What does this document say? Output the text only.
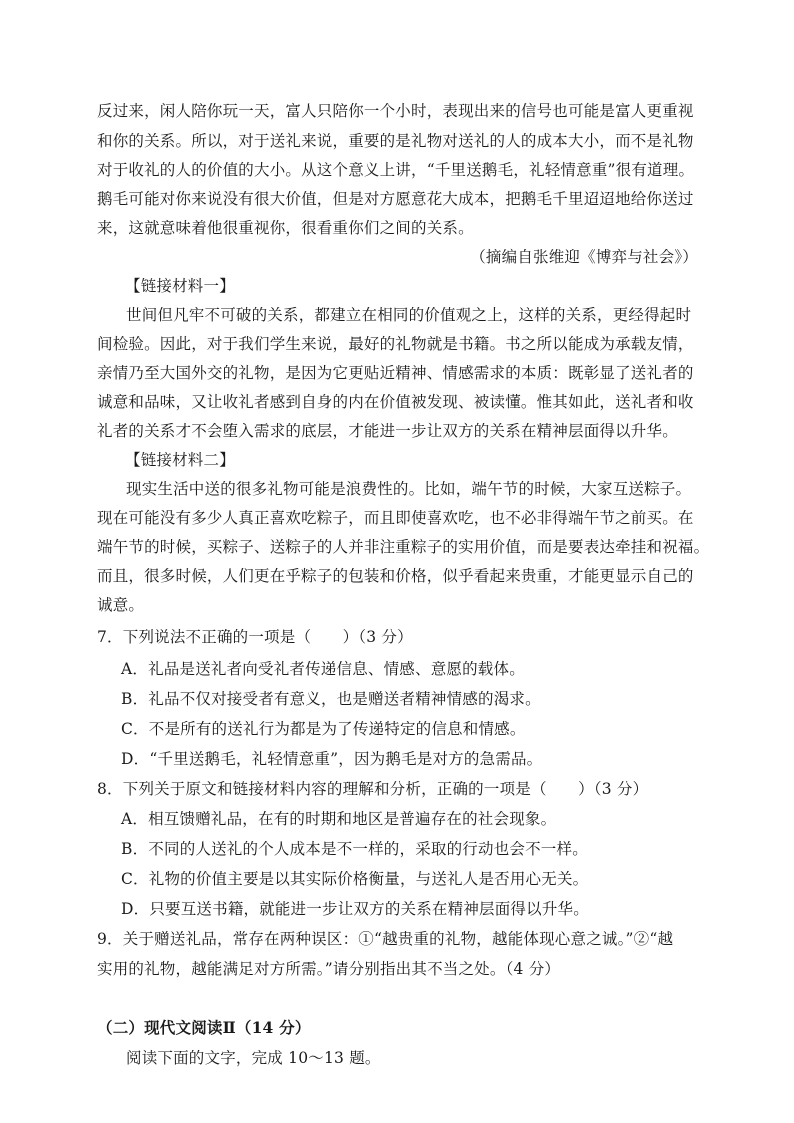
反过来，闲人陪你玩一天，富人只陪你一个小时，表现出来的信号也可能是富人更重视
和你的关系。所以，对于送礼来说，重要的是礼物对送礼的人的成本大小，而不是礼物
对于收礼的人的价值的大小。从这个意义上讲，“千里送鹅毛，礼轻情意重”很有道理。
鹅毛可能对你来说没有很大价值，但是对方愿意花大成本，把鹅毛千里迢迢地给你送过
来，这就意味着他很重视你，很看重你们之间的关系。
（摘编自张维迎《博弈与社会》）
【链接材料一】
世间但凡牢不可破的关系，都建立在相同的价值观之上，这样的关系，更经得起时
间检验。因此，对于我们学生来说，最好的礼物就是书籍。书之所以能成为承载友情，
亲情乃至大国外交的礼物，是因为它更贴近精神、情感需求的本质：既彰显了送礼者的
诚意和品味，又让收礼者感到自身的内在价值被发现、被读懂。惟其如此，送礼者和收
礼者的关系才不会堕入需求的底层，才能进一步让双方的关系在精神层面得以升华。
【链接材料二】
现实生活中送的很多礼物可能是浪费性的。比如，端午节的时候，大家互送粽子。
现在可能没有多少人真正喜欢吃粽子，而且即使喜欢吃，也不必非得端午节之前买。在
端午节的时候，买粽子、送粽子的人并非注重粽子的实用价值，而是要表达牵挂和祝福。
而且，很多时候，人们更在乎粽子的包装和价格，似乎看起来贵重，才能更显示自己的
诚意。
7．下列说法不正确的一项是（　　）（3 分）
A．礼品是送礼者向受礼者传递信息、情感、意愿的载体。
B．礼品不仅对接受者有意义，也是赠送者精神情感的渴求。
C．不是所有的送礼行为都是为了传递特定的信息和情感。
D．“千里送鹅毛，礼轻情意重”，因为鹅毛是对方的急需品。
8．下列关于原文和链接材料内容的理解和分析，正确的一项是（　　）（3 分）
A．相互馈赠礼品，在有的时期和地区是普遍存在的社会现象。
B．不同的人送礼的个人成本是不一样的，采取的行动也会不一样。
C．礼物的价值主要是以其实际价格衡量，与送礼人是否用心无关。
D．只要互送书籍，就能进一步让双方的关系在精神层面得以升华。
9．关于赠送礼品，常存在两种误区：①“越贵重的礼物，越能体现心意之诚。”②“越
实用的礼物，越能满足对方所需。”请分别指出其不当之处。（4 分）
（二）现代文阅读Ⅱ（14 分）
阅读下面的文字，完成 10～13 题。
